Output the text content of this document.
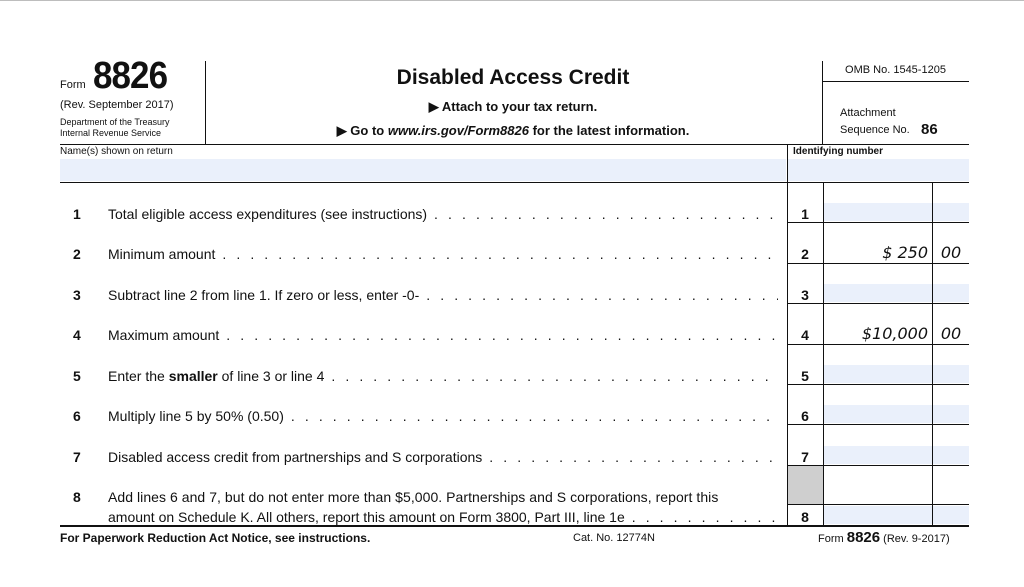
Form 8826
(Rev. September 2017)
Department of the Treasury
Internal Revenue Service
Disabled Access Credit
▶ Attach to your tax return.
▶ Go to www.irs.gov/Form8826 for the latest information.
OMB No. 1545-1205
Attachment
Sequence No. 86
Name(s) shown on return	Identifying number
1 Total eligible access expenditures (see instructions) . . .	1
2 Minimum amount . . .	2	$ 250 00
3 Subtract line 2 from line 1. If zero or less, enter -0- . . .	3
4 Maximum amount . . .	4	$10,000 00
5 Enter the smaller of line 3 or line 4 . . .	5
6 Multiply line 5 by 50% (0.50) . . .	6
7 Disabled access credit from partnerships and S corporations . . .	7
8 Add lines 6 and 7, but do not enter more than $5,000. Partnerships and S corporations, report this
amount on Schedule K. All others, report this amount on Form 3800, Part III, line 1e . . .	8
For Paperwork Reduction Act Notice, see instructions.	Cat. No. 12774N	Form 8826 (Rev. 9-2017)
